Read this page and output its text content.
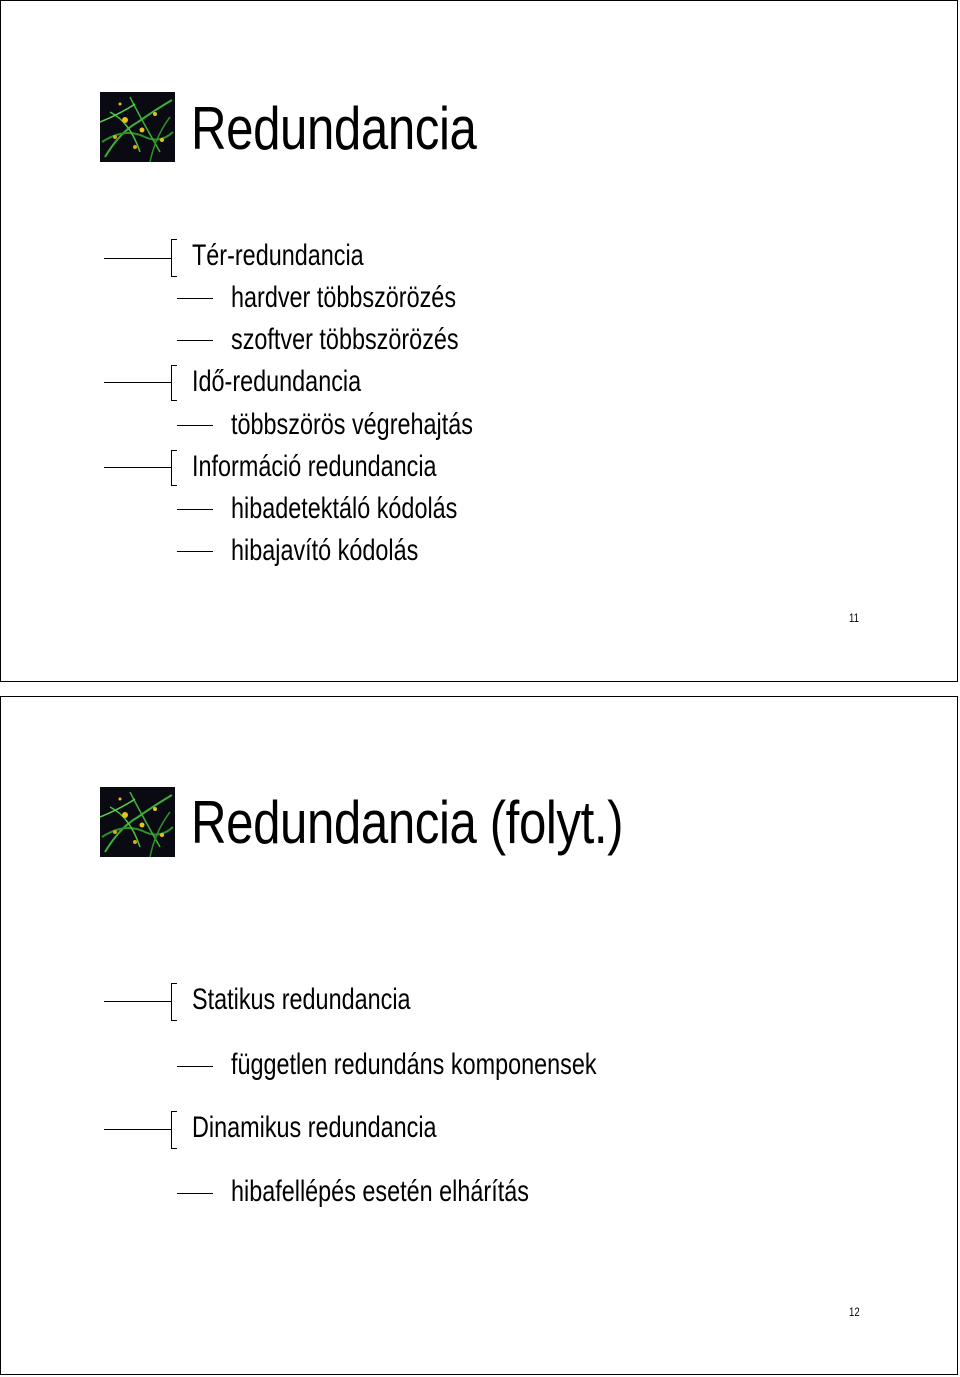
Redundancia
Tér-redundancia
hardver többszörözés
szoftver többszörözés
Idő-redundancia
többszörös végrehajtás
Információ redundancia
hibadetektáló kódolás
hibajavító kódolás
11
Redundancia (folyt.)
Statikus redundancia
független redundáns komponensek
Dinamikus redundancia
hibafellépés esetén elhárítás
12
